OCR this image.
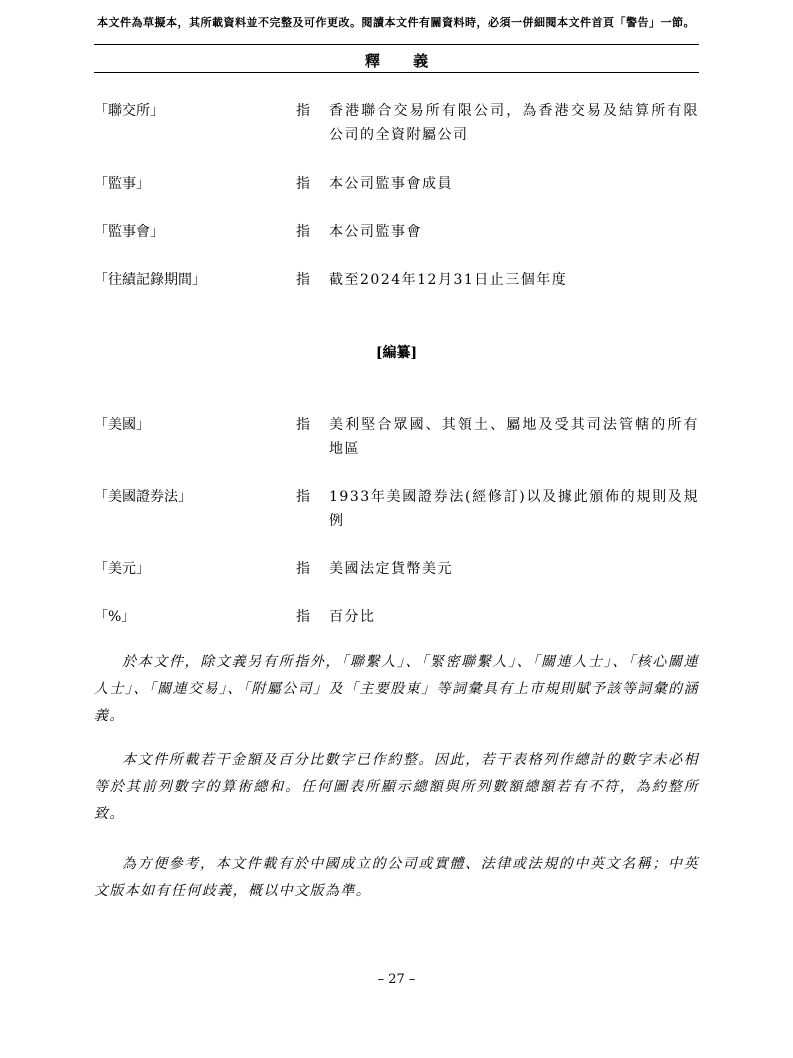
本文件為草擬本，其所載資料並不完整及可作更改。閱讀本文件有關資料時，必須一併細閱本文件首頁「警告」一節。
釋 義
「聯交所」	指 香港聯合交易所有限公司，為香港交易及結算所有限公司的全資附屬公司
「監事」	指 本公司監事會成員
「監事會」	指 本公司監事會
「往績記錄期間」	指 截至2024年12月31日止三個年度
[編纂]
「美國」	指 美利堅合眾國、其領土、屬地及受其司法管轄的所有地區
「美國證券法」	指 1933年美國證券法(經修訂)以及據此頒佈的規則及規例
「美元」	指 美國法定貨幣美元
「%」	指 百分比
於本文件，除文義另有所指外，「聯繫人」、「緊密聯繫人」、「關連人士」、「核心關連人士」、「關連交易」、「附屬公司」及「主要股東」等詞彙具有上市規則賦予該等詞彙的涵義。
本文件所載若干金額及百分比數字已作約整。因此，若干表格列作總計的數字未必相等於其前列數字的算術總和。任何圖表所顯示總額與所列數額總額若有不符，為約整所致。
為方便參考，本文件載有於中國成立的公司或實體、法律或法規的中英文名稱；中英文版本如有任何歧義，概以中文版為準。
– 27 –
